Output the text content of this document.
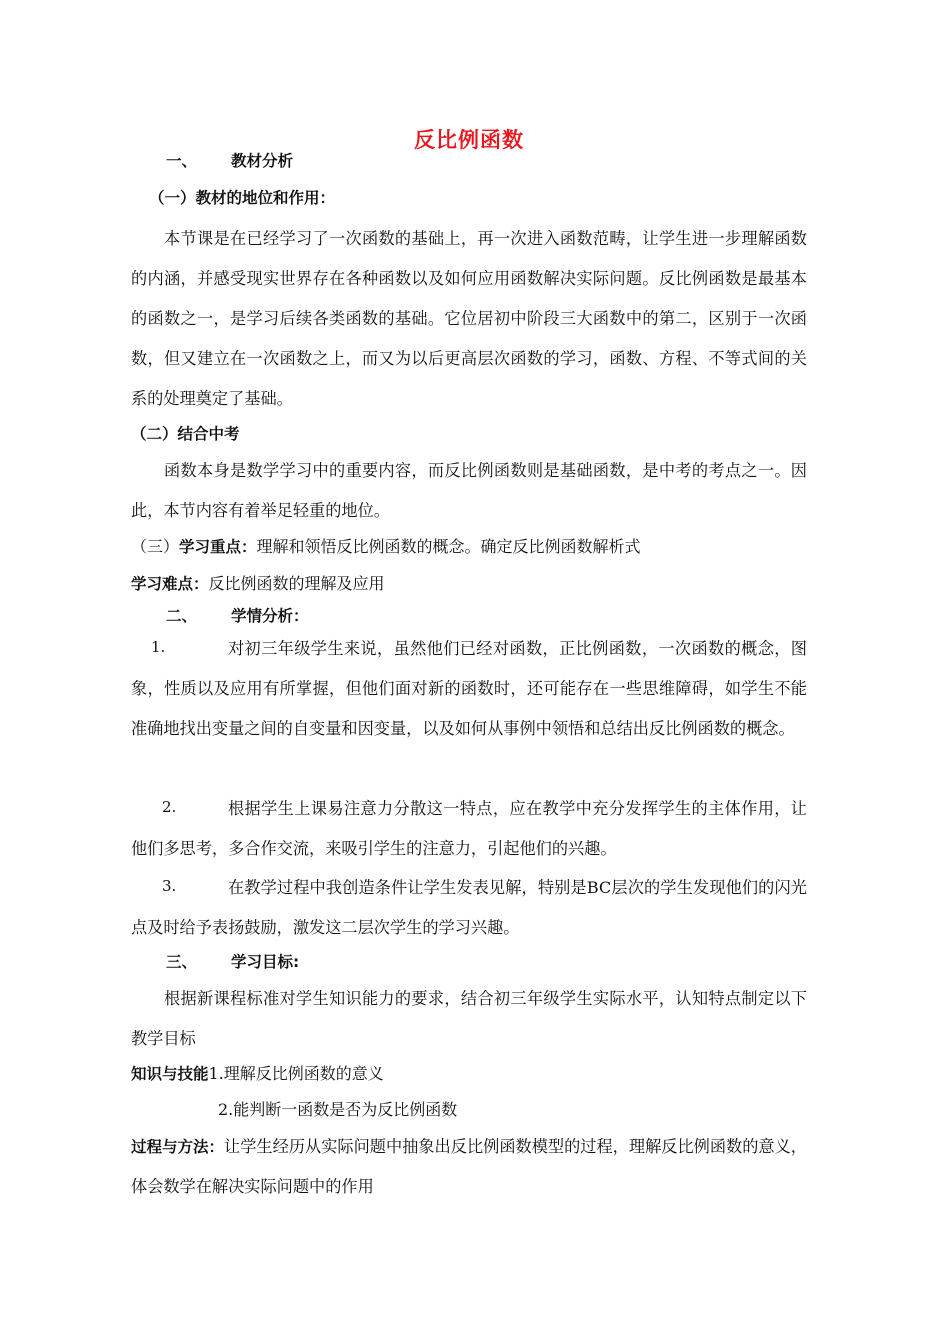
反比例函数
一、 教材分析
（一）教材的地位和作用：
本节课是在已经学习了一次函数的基础上，再一次进入函数范畴，让学生进一步理解函数的内涵，并感受现实世界存在各种函数以及如何应用函数解决实际问题。反比例函数是最基本的函数之一，是学习后续各类函数的基础。它位居初中阶段三大函数中的第二，区别于一次函数，但又建立在一次函数之上，而又为以后更高层次函数的学习，函数、方程、不等式间的关系的处理奠定了基础。
（二）结合中考
函数本身是数学学习中的重要内容，而反比例函数则是基础函数，是中考的考点之一。因此，本节内容有着举足轻重的地位。
（三）学习重点：理解和领悟反比例函数的概念。确定反比例函数解析式
学习难点：反比例函数的理解及应用
二、 学情分析：
1.	对初三年级学生来说，虽然他们已经对函数，正比例函数，一次函数的概念，图象，性质以及应用有所掌握，但他们面对新的函数时，还可能存在一些思维障碍，如学生不能准确地找出变量之间的自变量和因变量，以及如何从事例中领悟和总结出反比例函数的概念。
2.	根据学生上课易注意力分散这一特点，应在教学中充分发挥学生的主体作用，让他们多思考，多合作交流，来吸引学生的注意力，引起他们的兴趣。
3.	在教学过程中我创造条件让学生发表见解，特别是BC层次的学生发现他们的闪光点及时给予表扬鼓励，激发这二层次学生的学习兴趣。
三、 学习目标:
根据新课程标准对学生知识能力的要求，结合初三年级学生实际水平，认知特点制定以下教学目标
知识与技能1.理解反比例函数的意义
2.能判断一函数是否为反比例函数
过程与方法：让学生经历从实际问题中抽象出反比例函数模型的过程，理解反比例函数的意义，体会数学在解决实际问题中的作用
